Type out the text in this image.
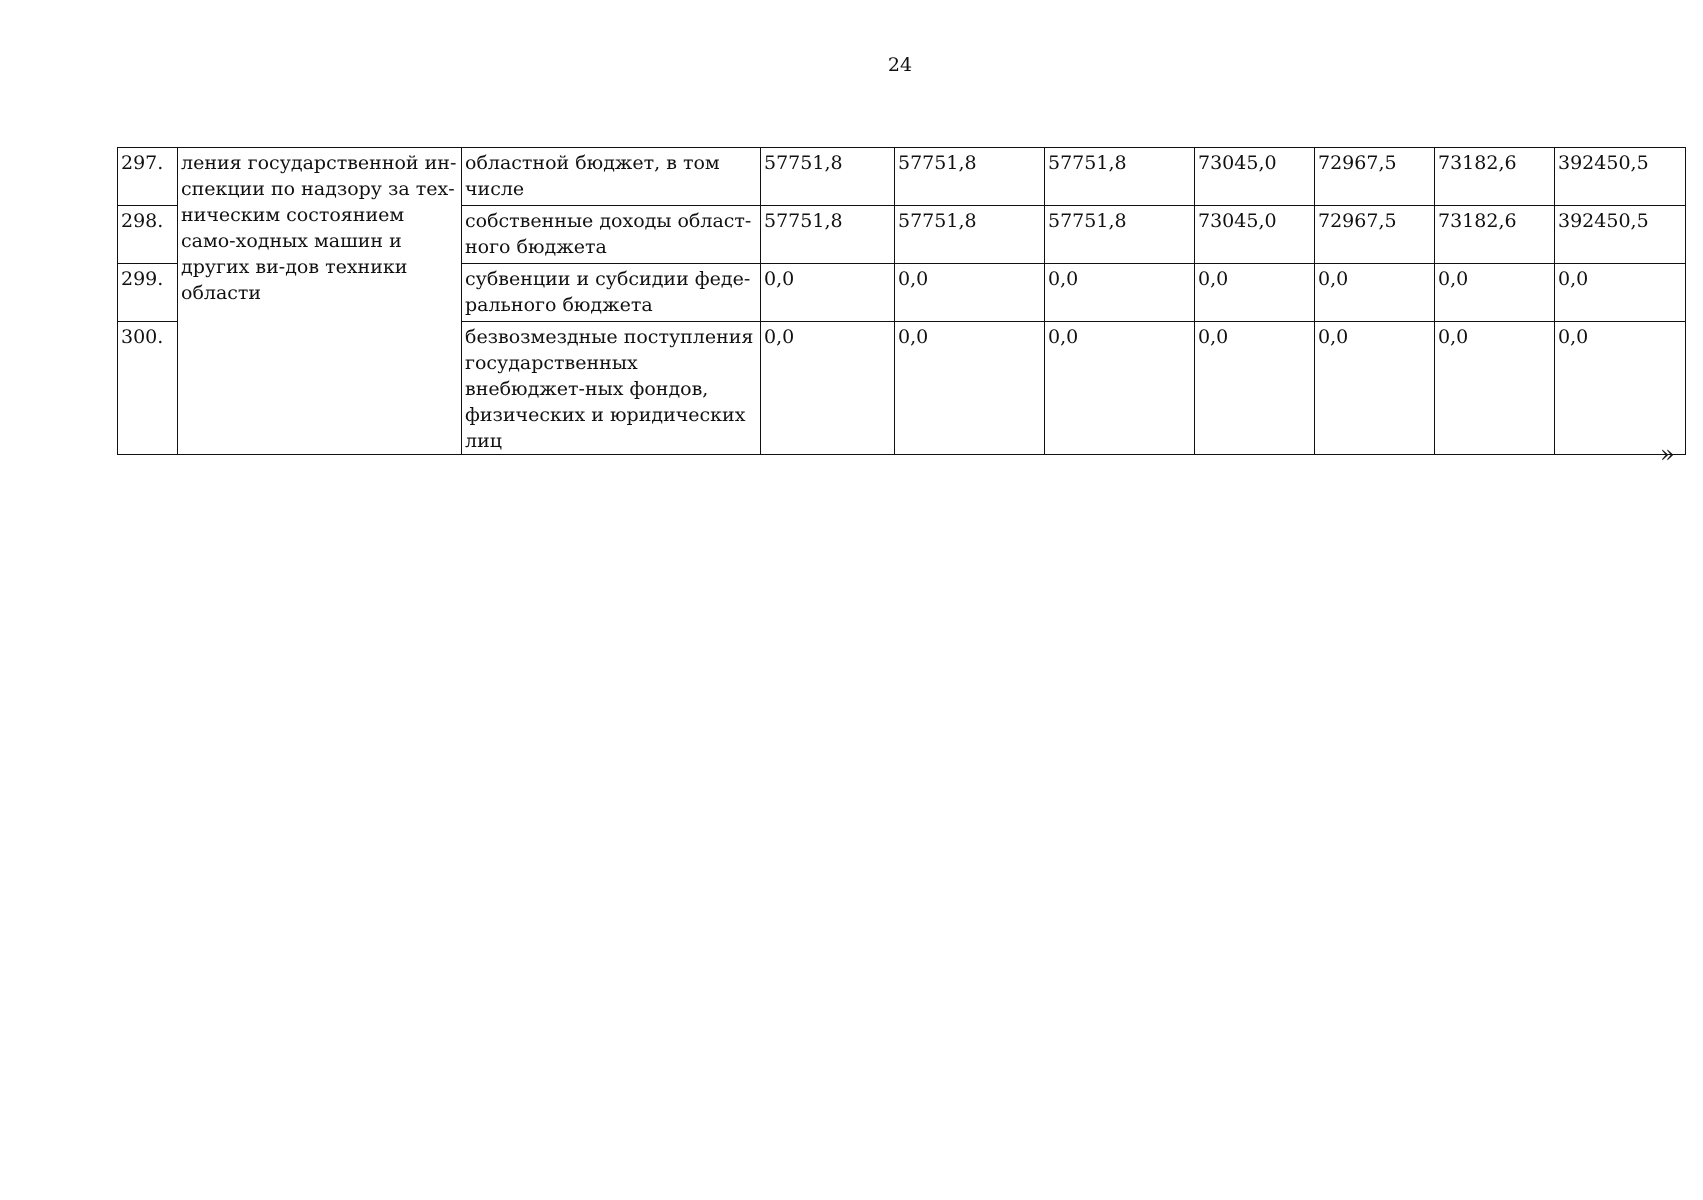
24
297.	ления государственной ин-спекции по надзору за тех-ническим состоянием само-ходных машин и других ви-дов техники области	областной бюджет, в том числе	57751,8	57751,8	57751,8	73045,0	72967,5	73182,6	392450,5
298.		собственные доходы област-ного бюджета	57751,8	57751,8	57751,8	73045,0	72967,5	73182,6	392450,5
299.		субвенции и субсидии феде-рального бюджета	0,0	0,0	0,0	0,0	0,0	0,0	0,0
300.		безвозмездные поступления государственных внебюджет-ных фондов, физических и юридических лиц	0,0	0,0	0,0	0,0	0,0	0,0	0,0
»
